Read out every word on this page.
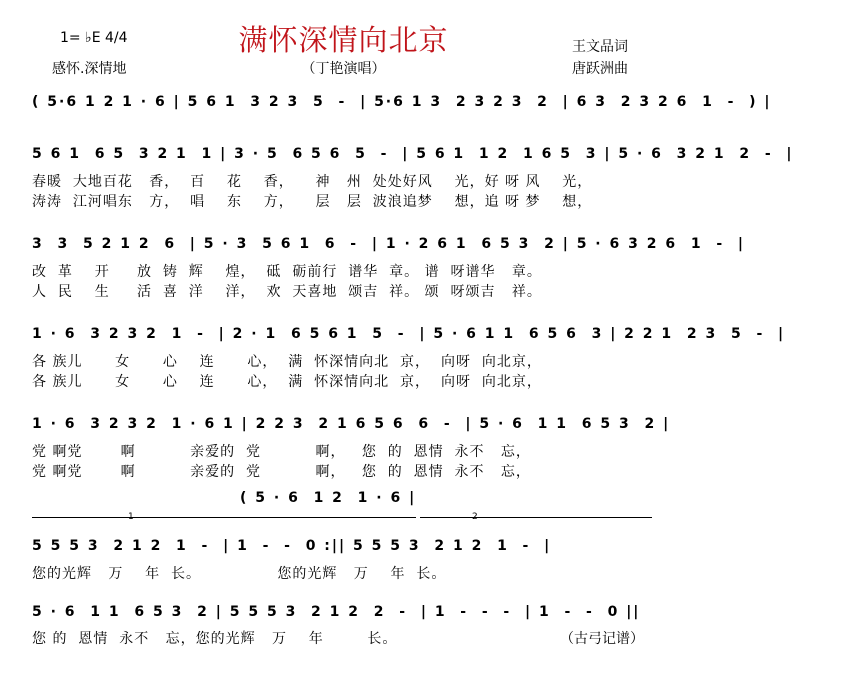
1= ♭E 4/4	满怀深情向北京	王文品词
唐跃洲曲
感怀.深情地	（丁艳演唱）
( 5·6 1 2 1 · 6 | 5 6 1  3 2 3  5  -  | 5·6 1 3  2 3 2 3  2  | 6 3  2 3 2 6  1  -  ) |
5 6 1  6 5  3 2 1  1 | 3 · 5  6 5 6  5  -  | 5 6 1  1 2  1 6 5  3 | 5 · 6  3 2 1  2  -  |
春暖  大地百花   香，  百    花    香，    神   州  处处好风    光，好 呀 风    光，
涛涛  江河唱东   方，  唱    东    方，    层   层  波浪追梦    想，追 呀 梦    想，
3  3  5 2 1 2  6  | 5 · 3  5 6 1  6  -  | 1 · 2 6 1  6 5 3  2 | 5 · 6 3 2 6  1  -  |
改  革    开     放  铸  辉    煌，  砥  砺前行  谱华  章。 谱  呀谱华   章。
人  民    生     活  喜  洋    洋，  欢  天喜地  颂吉  祥。 颂  呀颂吉   祥。
1 · 6  3 2 3 2  1  -  | 2 · 1  6 5 6 1  5  -  | 5 · 6 1 1  6 5 6  3 | 2 2 1  2 3  5  -  |
各 族儿      女      心    连      心，  满  怀深情向北  京，  向呀  向北京，
各 族儿      女      心    连      心，  满  怀深情向北  京，  向呀  向北京，
1 · 6  3 2 3 2  1 · 6 1 | 2 2 3  2 1 6 5 6  6  -  | 5 · 6  1 1  6 5 3  2 |
党 啊党       啊          亲爱的  党          啊，   您  的  恩情  永不   忘，
党 啊党       啊          亲爱的  党          啊，   您  的  恩情  永不   忘，
( 5 · 6  1 2  1 · 6 |
1	2
5 5 5 3  2 1 2  1  -  | 1  -  -  0 :|| 5 5 5 3  2 1 2  1  -  |
您的光辉   万    年  长。              您的光辉   万    年  长。
5 · 6  1 1  6 5 3  2 | 5 5 5 3  2 1 2  2  -  | 1  -  -  -  | 1  -  -  0 ||
您 的  恩情  永不   忘，您的光辉   万    年        长。	（古弓记谱）
